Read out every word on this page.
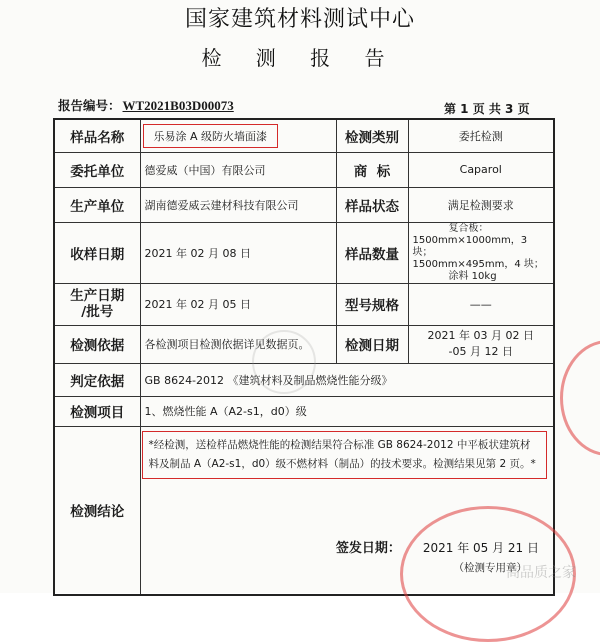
国家建筑材料测试中心
检 测 报 告
报告编号： WT2021B03D00073	第 1 页 共 3 页
样品名称	乐易涂 A 级防火墙面漆	检测类别	委托检测
委托单位	德爱威（中国）有限公司	商  标	Caparol
生产单位	湖南德爱威云建材科技有限公司	样品状态	满足检测要求
收样日期	2021 年 02 月 08 日	样品数量	复合板：
1500mm×1000mm，3 块；
1500mm×495mm，4 块；
涂料 10kg

生产日期
/批号	2021 年 02 月 05 日	型号规格	——
检测依据	各检测项目检测依据详见数据页。	检测日期	2021 年 03 月 02 日
-05 月 12 日

判定依据	GB 8624-2012 《建筑材料及制品燃烧性能分级》		
检测项目	1、燃烧性能 A（A2-s1，d0）级		
检测结论	*经检测，送检样品燃烧性能的检测结果符合标准 GB 8624-2012 中平板状建筑材料及制品 A（A2-s1，d0）级不燃材料（制品）的技术要求。检测结果见第 2 页。*
签发日期： 2021 年 05 月 21 日
（检测专用章）		
高品质之家
